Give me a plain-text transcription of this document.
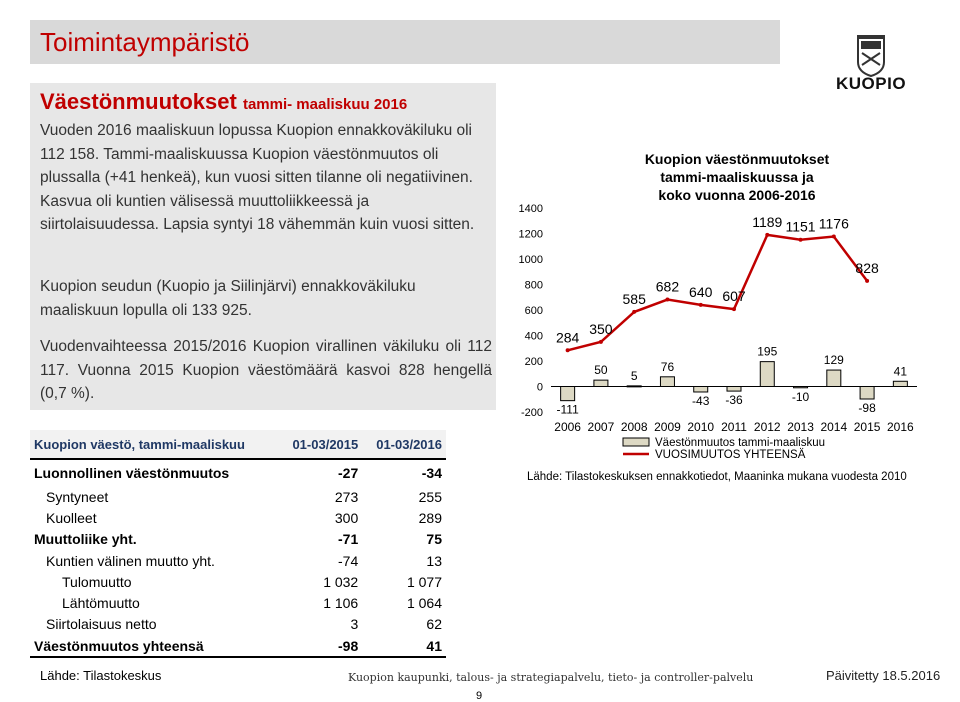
Toimintaympäristö
KUOPIO
Väestönmuutokset tammi- maaliskuu 2016
Vuoden 2016 maaliskuun lopussa Kuopion ennakkoväkiluku oli 112 158. Tammi-maaliskuussa Kuopion väestönmuutos oli plussalla (+41 henkeä), kun vuosi sitten tilanne oli negatiivinen. Kasvua oli kuntien välisessä muuttoliikkeessä ja siirtolaisuudessa. Lapsia syntyi 18 vähemmän kuin vuosi sitten.
Kuopion seudun (Kuopio ja Siilinjärvi) ennakkoväkiluku maaliskuun lopulla oli 133 925.
Vuodenvaihteessa 2015/2016 Kuopion virallinen väkiluku oli 112 117. Vuonna 2015 Kuopion väestömäärä kasvoi 828 hengellä (0,7 %).
Kuopion väestö, tammi-maaliskuu	01-03/2015	01-03/2016
Luonnollinen väestönmuutos	-27	-34
Syntyneet	273	255
Kuolleet	300	289
Muuttoliike yht.	-71	75
Kuntien välinen muutto yht.	-74	13
Tulomuutto	1 032	1 077
Lähtömuutto	1 106	1 064
Siirtolaisuus netto	3	62
Väestönmuutos yhteensä	-98	41
Kuopion väestönmuutokset
tammi-maaliskuussa ja
koko vuonna 2006-2016
1400
1200
1000
800
600
400
200
0
-200 -111
50 5
76
-43 -36
195
-10
129
-98
41
284
350
585
682 640 607
1189 1151 1176
828
2006 2007 2008 2009 2010 2011 2012 2013 2014 2015 2016
Väestönmuutos tammi-maaliskuu
VUOSIMUUTOS YHTEENSÄ
Lähde: Tilastokeskuksen ennakkotiedot, Maaninka mukana vuodesta 2010
Lähde: Tilastokeskus	Kuopion kaupunki, talous- ja strategiapalvelu, tieto- ja controller-palvelu	Päivitetty 18.5.2016
9
